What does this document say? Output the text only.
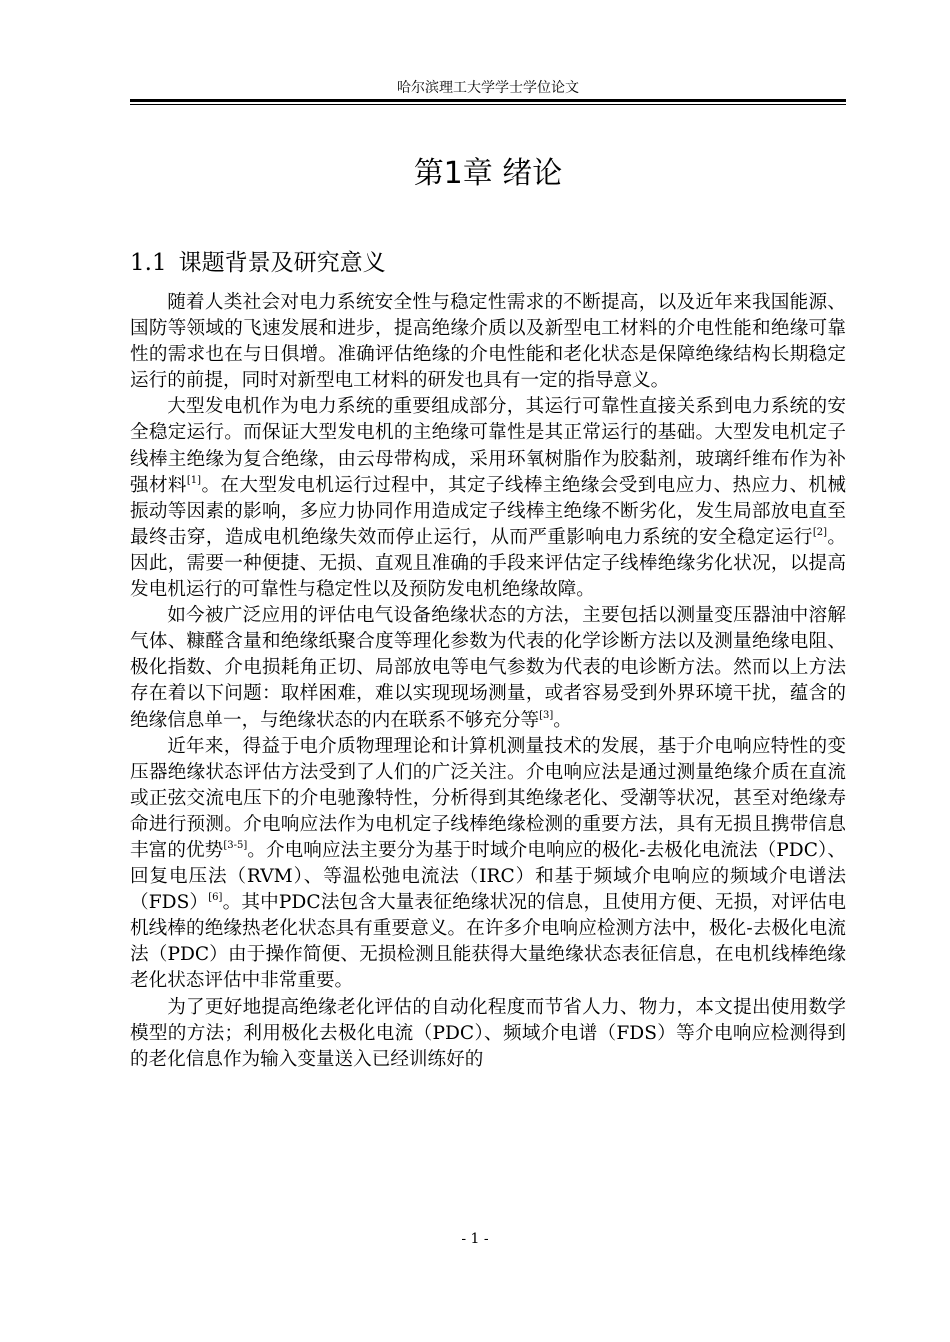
哈尔滨理工大学学士学位论文
第1章 绪论
1.1 课题背景及研究意义

随着人类社会对电力系统安全性与稳定性需求的不断提高，以及近年来我国能源、国防等领域的飞速发展和进步，提高绝缘介质以及新型电工材料的介电性能和绝缘可靠性的需求也在与日俱增。准确评估绝缘的介电性能和老化状态是保障绝缘结构长期稳定运行的前提，同时对新型电工材料的研发也具有一定的指导意义。

大型发电机作为电力系统的重要组成部分，其运行可靠性直接关系到电力系统的安全稳定运行。而保证大型发电机的主绝缘可靠性是其正常运行的基础。大型发电机定子线棒主绝缘为复合绝缘，由云母带构成，采用环氧树脂作为胶黏剂，玻璃纤维布作为补强材料[1]。在大型发电机运行过程中，其定子线棒主绝缘会受到电应力、热应力、机械振动等因素的影响，多应力协同作用造成定子线棒主绝缘不断劣化，发生局部放电直至最终击穿，造成电机绝缘失效而停止运行，从而严重影响电力系统的安全稳定运行[2]。因此，需要一种便捷、无损、直观且准确的手段来评估定子线棒绝缘劣化状况，以提高发电机运行的可靠性与稳定性以及预防发电机绝缘故障。

如今被广泛应用的评估电气设备绝缘状态的方法，主要包括以测量变压器油中溶解气体、糠醛含量和绝缘纸聚合度等理化参数为代表的化学诊断方法以及测量绝缘电阻、极化指数、介电损耗角正切、局部放电等电气参数为代表的电诊断方法。然而以上方法存在着以下问题：取样困难，难以实现现场测量，或者容易受到外界环境干扰，蕴含的绝缘信息单一，与绝缘状态的内在联系不够充分等[3]。

近年来，得益于电介质物理理论和计算机测量技术的发展，基于介电响应特性的变压器绝缘状态评估方法受到了人们的广泛关注。介电响应法是通过测量绝缘介质在直流或正弦交流电压下的介电驰豫特性，分析得到其绝缘老化、受潮等状况，甚至对绝缘寿命进行预测。介电响应法作为电机定子线棒绝缘检测的重要方法，具有无损且携带信息丰富的优势[3-5]。介电响应法主要分为基于时域介电响应的极化-去极化电流法（PDC）、回复电压法（RVM）、等温松弛电流法（IRC）和基于频域介电响应的频域介电谱法（FDS）[6]。其中PDC法包含大量表征绝缘状况的信息，且使用方便、无损，对评估电机线棒的绝缘热老化状态具有重要意义。在许多介电响应检测方法中，极化-去极化电流法（PDC）由于操作简便、无损检测且能获得大量绝缘状态表征信息，在电机线棒绝缘老化状态评估中非常重要。

为了更好地提高绝缘老化评估的自动化程度而节省人力、物力，本文提出使用数学模型的方法；利用极化去极化电流（PDC）、频域介电谱（FDS）等介电响应检测得到的老化信息作为输入变量送入已经训练好的

- 1 -
